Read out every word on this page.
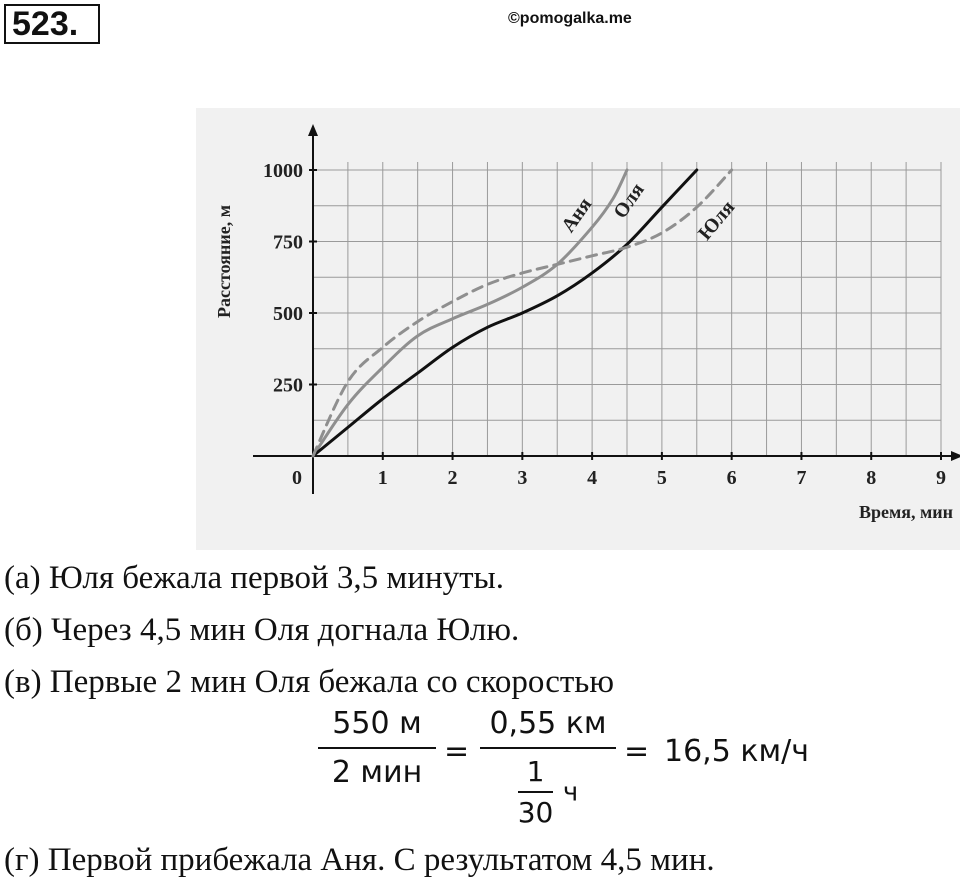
523.	©pomogalka.me
0	1	2	3	4	5	6	7	8	9
250
500
750
1000
Время, мин
Расстояние, м	Аня Оля Юля
(а) Юля бежала первой 3,5 минуты.
(б) Через 4,5 мин Оля догнала Юлю.
(в) Первые 2 мин Оля бежала со скоростью
550 м
2 мин
=
0,55 км
$\frac{1}{30}$ ч
= 16,5 км/ч
(г) Первой прибежала Аня. С результатом 4,5 мин.
